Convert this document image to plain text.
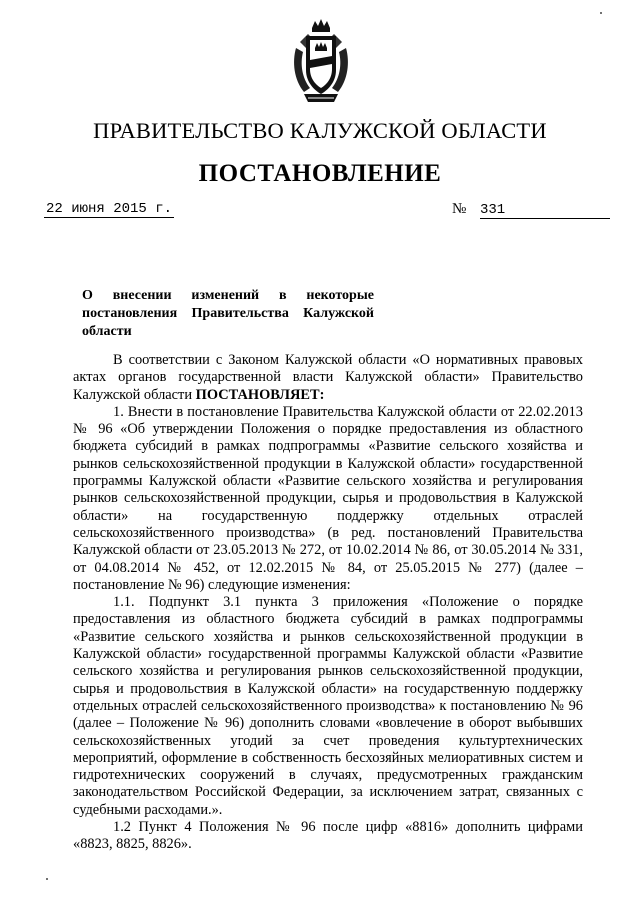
ПРАВИТЕЛЬСТВО КАЛУЖСКОЙ ОБЛАСТИ
ПОСТАНОВЛЕНИЕ
22 июня 2015 г.	№ 331
О внесении изменений в некоторые постановления Правительства Калужской области

В соответствии с Законом Калужской области «О нормативных правовых актах органов государственной власти Калужской области» Правительство Калужской области ПОСТАНОВЛЯЕТ:

1. Внести в постановление Правительства Калужской области от 22.02.2013 № 96 «Об утверждении Положения о порядке предоставления из областного бюджета субсидий в рамках подпрограммы «Развитие сельского хозяйства и рынков сельскохозяйственной продукции в Калужской области» государственной программы Калужской области «Развитие сельского хозяйства и регулирования рынков сельскохозяйственной продукции, сырья и продовольствия в Калужской области» на государственную поддержку отдельных отраслей сельскохозяйственного производства» (в ред. постановлений Правительства Калужской области от 23.05.2013 № 272, от 10.02.2014 № 86, от 30.05.2014 № 331, от 04.08.2014 № 452, от 12.02.2015 № 84, от 25.05.2015 № 277) (далее – постановление № 96) следующие изменения:

1.1. Подпункт 3.1 пункта 3 приложения «Положение о порядке предоставления из областного бюджета субсидий в рамках подпрограммы «Развитие сельского хозяйства и рынков сельскохозяйственной продукции в Калужской области» государственной программы Калужской области «Развитие сельского хозяйства и регулирования рынков сельскохозяйственной продукции, сырья и продовольствия в Калужской области» на государственную поддержку отдельных отраслей сельскохозяйственного производства» к постановлению № 96 (далее – Положение № 96) дополнить словами «вовлечение в оборот выбывших сельскохозяйственных угодий за счет проведения культуртехнических мероприятий, оформление в собственность бесхозяйных мелиоративных систем и гидротехнических сооружений в случаях, предусмотренных гражданским законодательством Российской Федерации, за исключением затрат, связанных с судебными расходами.».

1.2 Пункт 4 Положения № 96 после цифр «8816» дополнить цифрами «8823, 8825, 8826».
